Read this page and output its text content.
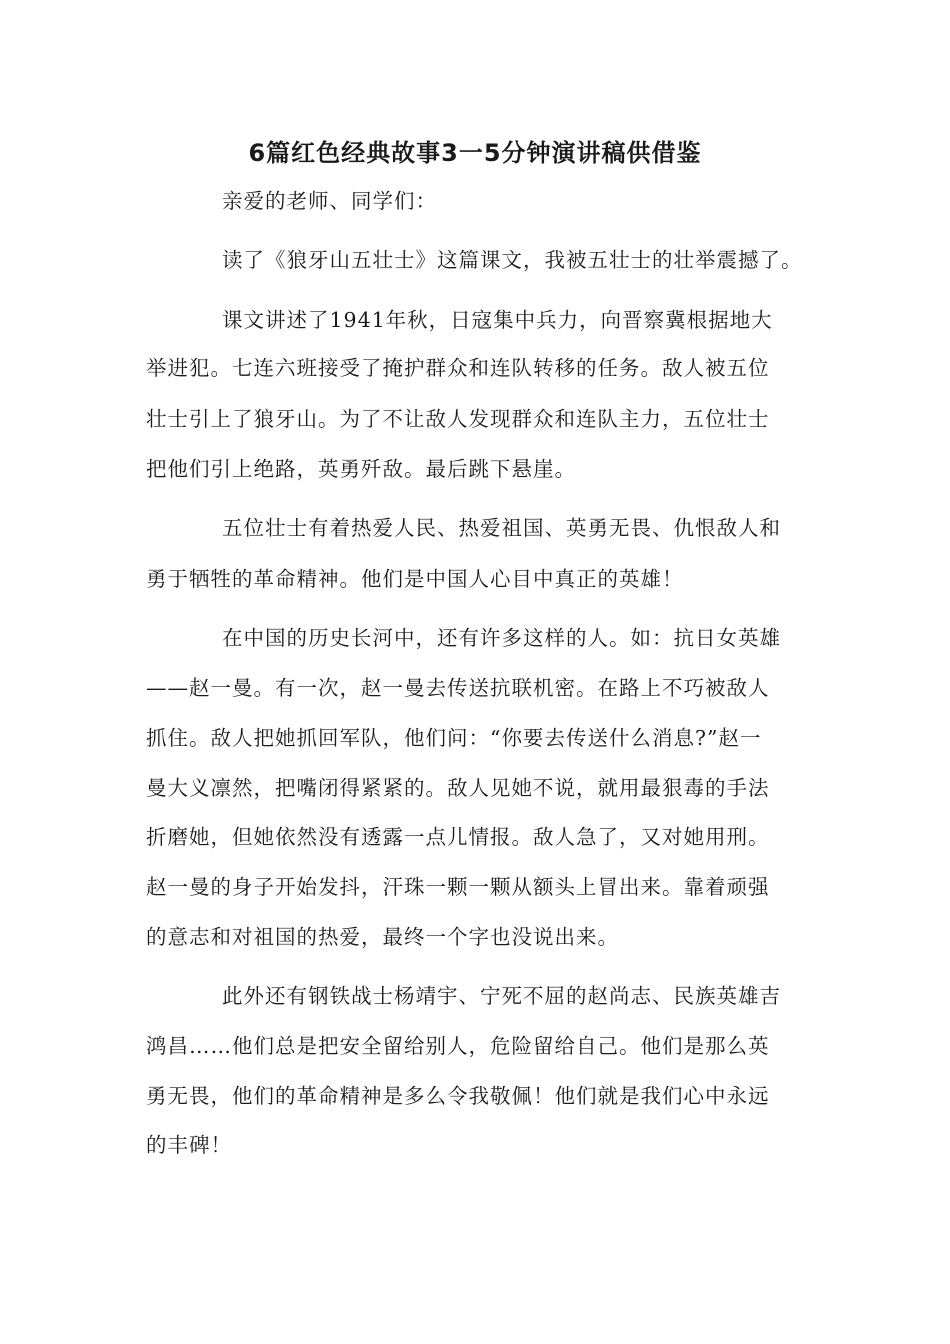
6篇红色经典故事3一5分钟演讲稿供借鉴
亲爱的老师、同学们：
读了《狼牙山五壮士》这篇课文，我被五壮士的壮举震撼了。
课文讲述了1941年秋，日寇集中兵力，向晋察冀根据地大
举进犯。七连六班接受了掩护群众和连队转移的任务。敌人被五位
壮士引上了狼牙山。为了不让敌人发现群众和连队主力，五位壮士
把他们引上绝路，英勇歼敌。最后跳下悬崖。
五位壮士有着热爱人民、热爱祖国、英勇无畏、仇恨敌人和
勇于牺牲的革命精神。他们是中国人心目中真正的英雄！
在中国的历史长河中，还有许多这样的人。如：抗日女英雄
——赵一曼。有一次，赵一曼去传送抗联机密。在路上不巧被敌人
抓住。敌人把她抓回军队，他们问：“你要去传送什么消息?”赵一
曼大义凛然，把嘴闭得紧紧的。敌人见她不说，就用最狠毒的手法
折磨她，但她依然没有透露一点儿情报。敌人急了，又对她用刑。
赵一曼的身子开始发抖，汗珠一颗一颗从额头上冒出来。靠着顽强
的意志和对祖国的热爱，最终一个字也没说出来。
此外还有钢铁战士杨靖宇、宁死不屈的赵尚志、民族英雄吉
鸿昌……他们总是把安全留给别人，危险留给自己。他们是那么英
勇无畏，他们的革命精神是多么令我敬佩！他们就是我们心中永远
的丰碑！
